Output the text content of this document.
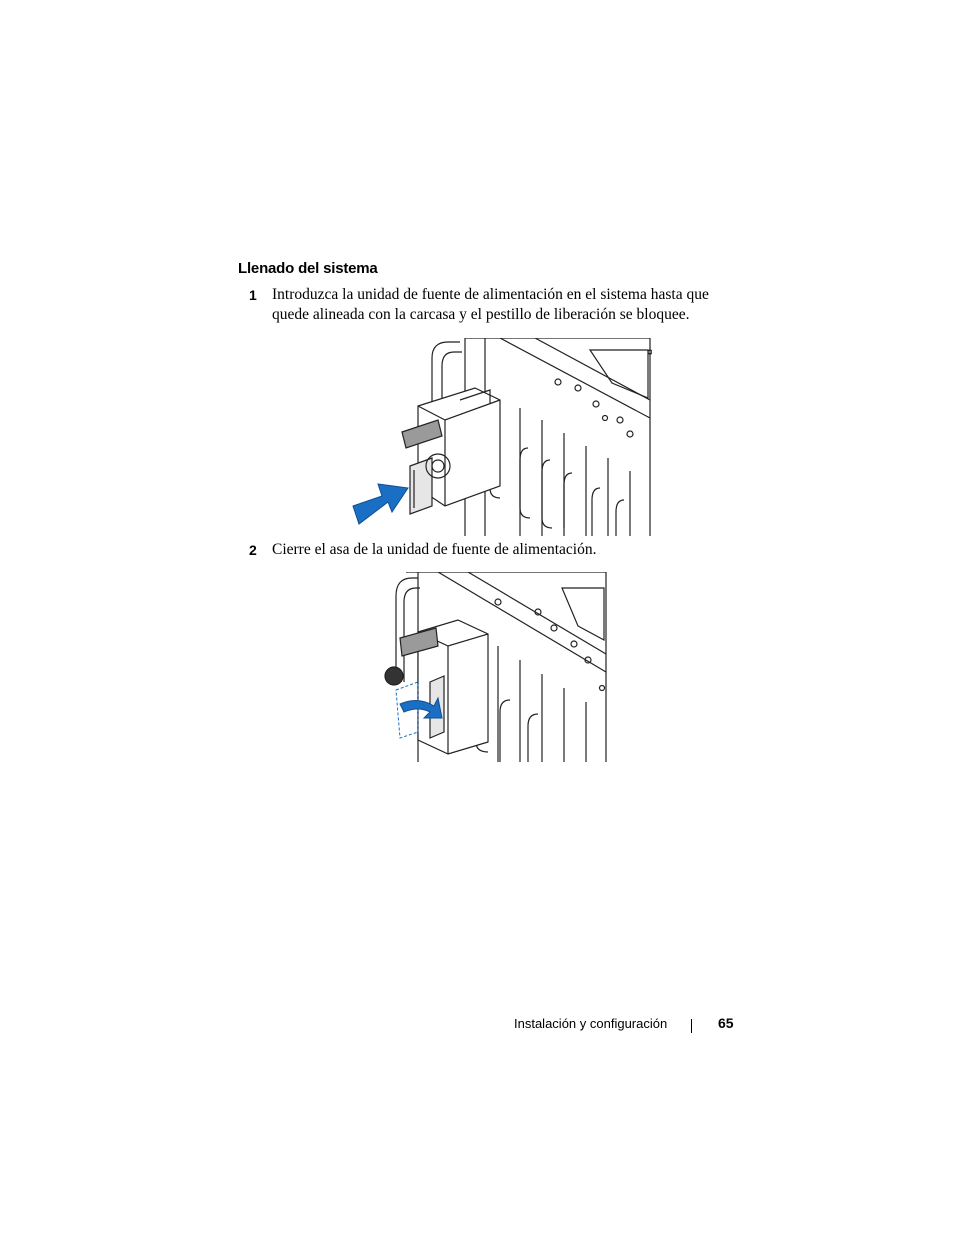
Llenado del sistema
1 Introduzca la unidad de fuente de alimentación en el sistema hasta que quede alineada con la carcasa y el pestillo de liberación se bloquee.
2 Cierre el asa de la unidad de fuente de alimentación.
Instalación y configuración	65
